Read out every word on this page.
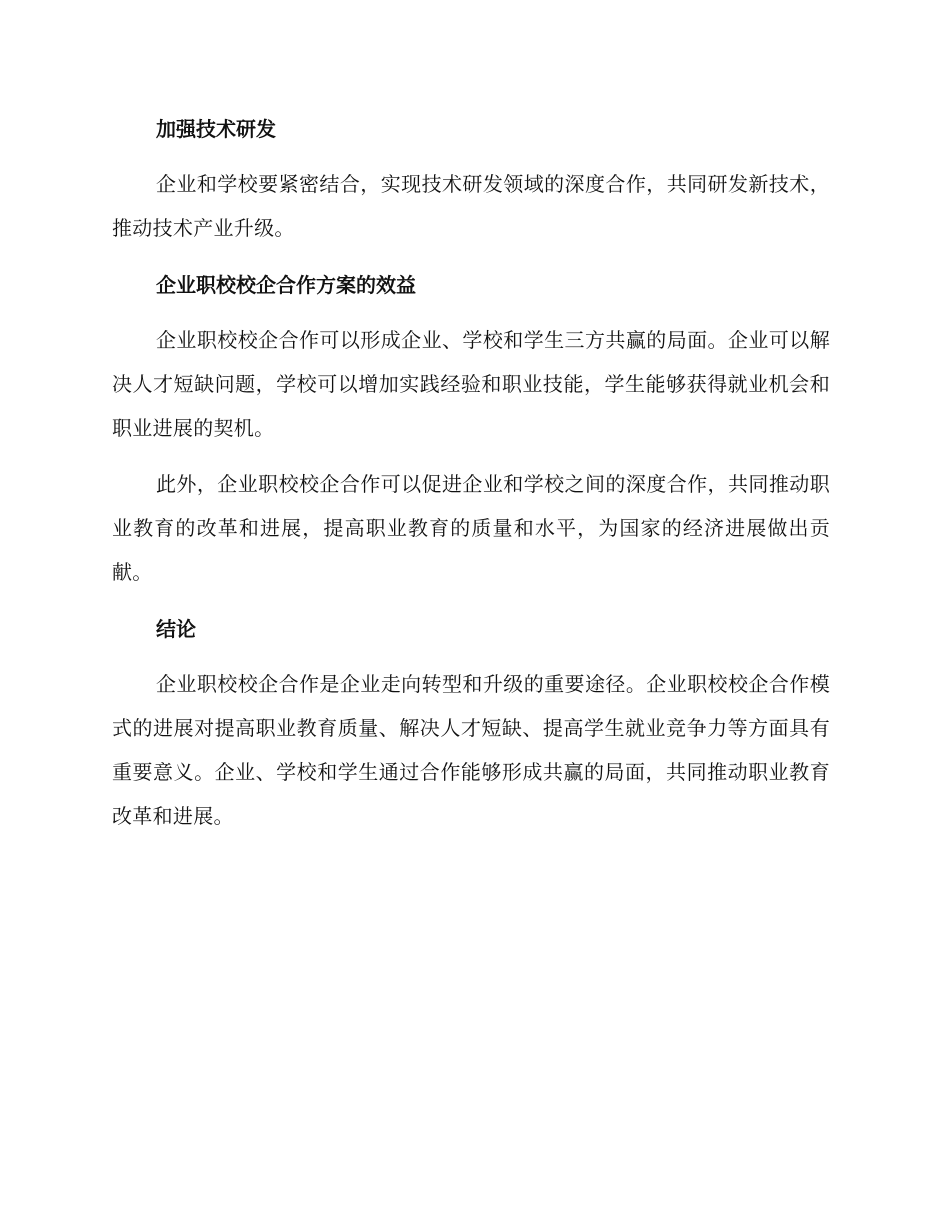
加强技术研发

企业和学校要紧密结合，实现技术研发领域的深度合作，共同研发新技术，推动技术产业升级。

企业职校校企合作方案的效益

企业职校校企合作可以形成企业、学校和学生三方共赢的局面。企业可以解决人才短缺问题，学校可以增加实践经验和职业技能，学生能够获得就业机会和职业进展的契机。

此外，企业职校校企合作可以促进企业和学校之间的深度合作，共同推动职业教育的改革和进展，提高职业教育的质量和水平，为国家的经济进展做出贡献。

结论

企业职校校企合作是企业走向转型和升级的重要途径。企业职校校企合作模式的进展对提高职业教育质量、解决人才短缺、提高学生就业竞争力等方面具有重要意义。企业、学校和学生通过合作能够形成共赢的局面，共同推动职业教育改革和进展。
